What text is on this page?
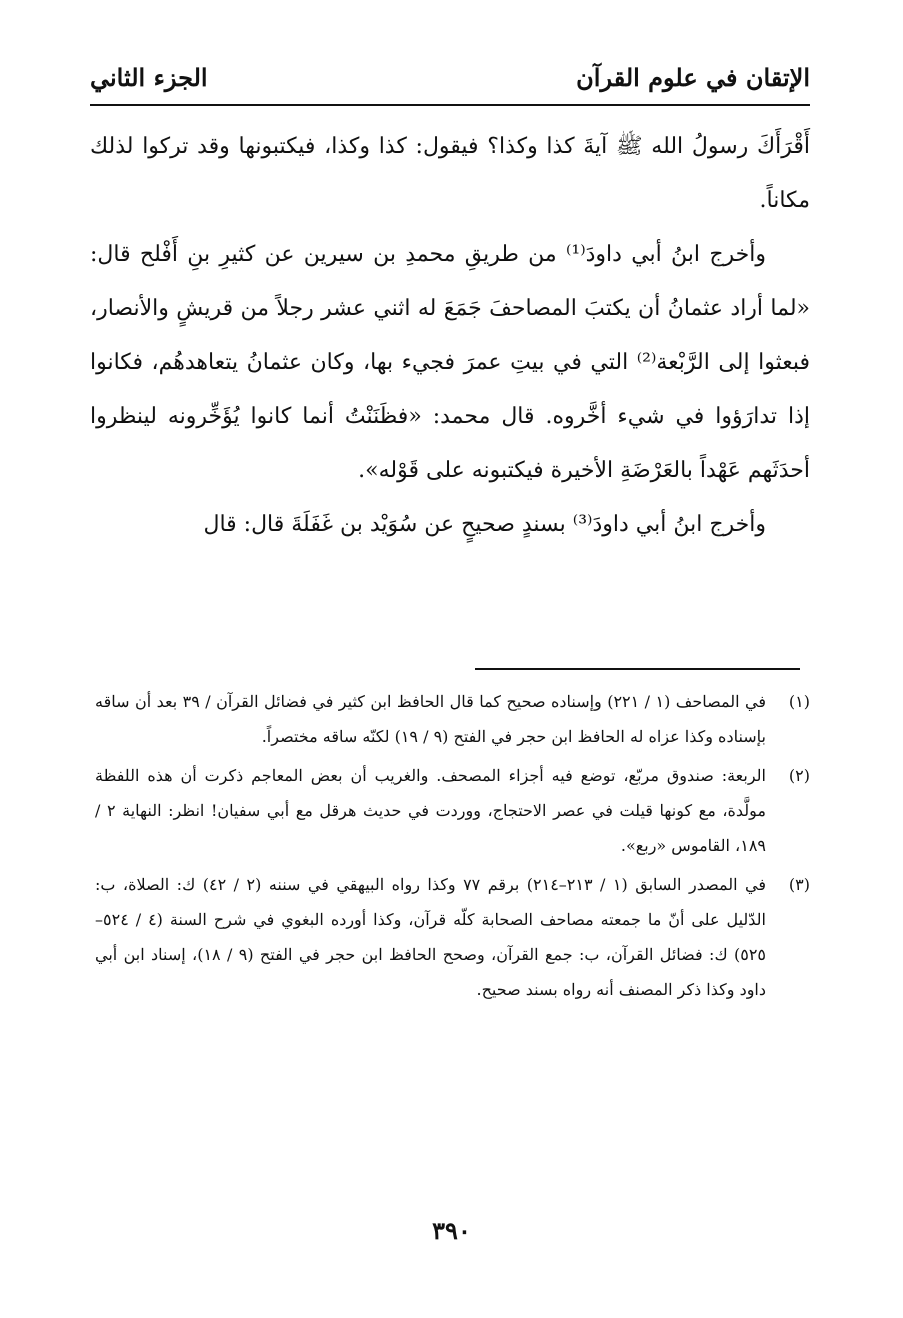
الإتقان في علوم القرآن
الجزء الثاني

أَقْرَأَكَ رسولُ الله ﷺ آيةَ كذا وكذا؟ فيقول: كذا وكذا، فيكتبونها وقد تركوا لذلك مكاناً.

وأخرج ابنُ أبي داودَ⁽¹⁾ من طريقِ محمدِ بن سيرين عن كثيرِ بنِ أَفْلح قال: «لما أراد عثمانُ أن يكتبَ المصاحفَ جَمَعَ له اثني عشر رجلاً من قريشٍ والأنصار، فبعثوا إلى الرَّبْعة⁽²⁾ التي في بيتِ عمرَ فجيء بها، وكان عثمانُ يتعاهدهُم، فكانوا إذا تدارَؤوا في شيء أخَّروه. قال محمد: «فظَنَنْتُ أنما كانوا يُؤَخِّرونه لينظروا أحدَثَهم عَهْداً بالعَرْضَةِ الأخيرة فيكتبونه على قَوْله».

وأخرج ابنُ أبي داودَ⁽³⁾ بسندٍ صحيحٍ عن سُوَيْد بن غَفَلَةَ قال: قال

(١)في المصاحف (١ / ٢٢١) وإسناده صحيح كما قال الحافظ ابن كثير في فضائل القرآن / ٣٩ بعد أن ساقه بإسناده وكذا عزاه له الحافظ ابن حجر في الفتح (٩ / ١٩) لكنّه ساقه مختصراً.

(٢)الربعة: صندوق مربّع، توضع فيه أجزاء المصحف. والغريب أن بعض المعاجم ذكرت أن هذه اللفظة مولَّدة، مع كونها قيلت في عصر الاحتجاج، ووردت في حديث هرقل مع أبي سفيان! انظر: النهاية ٢ / ١٨٩، القاموس «ربع».

(٣)في المصدر السابق (١ / ٢١٣–٢١٤) برقم ٧٧ وكذا رواه البيهقي في سننه (٢ / ٤٢) ك: الصلاة، ب: الدّليل على أنّ ما جمعته مصاحف الصحابة كلّه قرآن، وكذا أورده البغوي في شرح السنة (٤ / ٥٢٤–٥٢٥) ك: فضائل القرآن، ب: جمع القرآن، وصحح الحافظ ابن حجر في الفتح (٩ / ١٨)، إسناد ابن أبي داود وكذا ذكر المصنف أنه رواه بسند صحيح.

٣٩٠
